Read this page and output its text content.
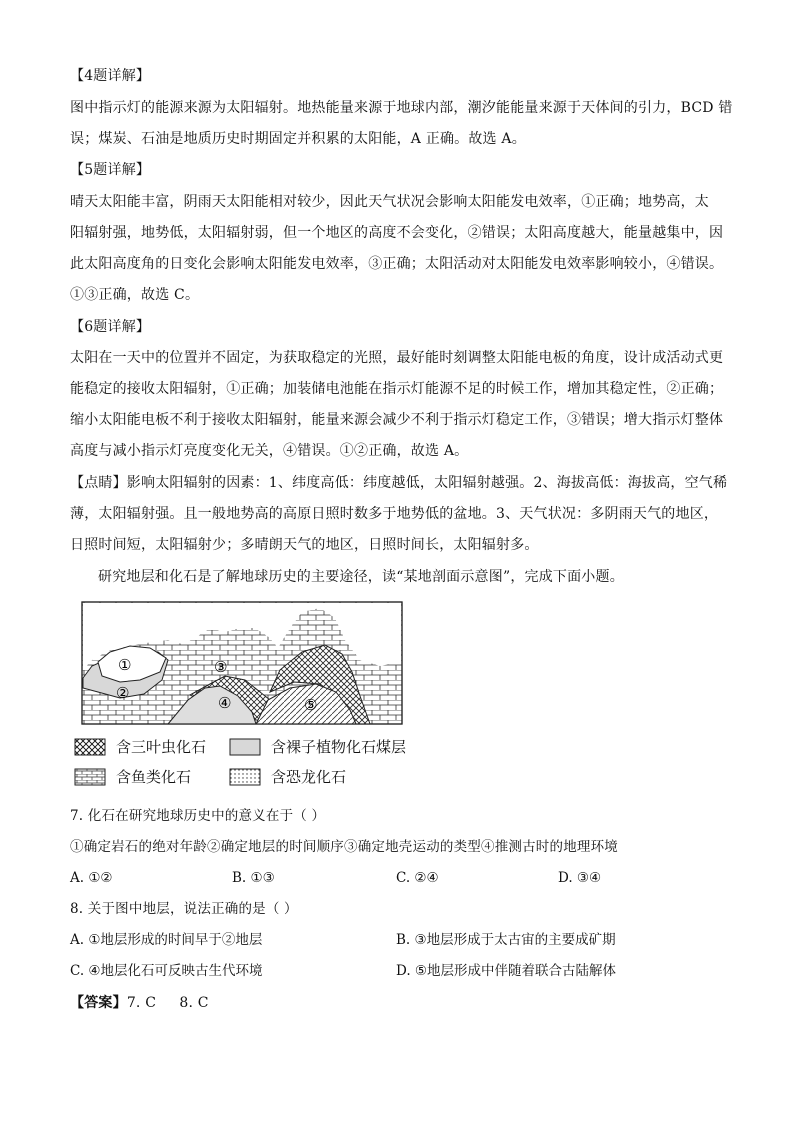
【4题详解】
图中指示灯的能源来源为太阳辐射。地热能量来源于地球内部，潮汐能能量来源于天体间的引力，BCD 错
误；煤炭、石油是地质历史时期固定并积累的太阳能，A 正确。故选 A。
【5题详解】
晴天太阳能丰富，阴雨天太阳能相对较少，因此天气状况会影响太阳能发电效率，①正确；地势高，太
阳辐射强，地势低，太阳辐射弱，但一个地区的高度不会变化，②错误；太阳高度越大，能量越集中，因
此太阳高度角的日变化会影响太阳能发电效率，③正确；太阳活动对太阳能发电效率影响较小，④错误。
①③正确，故选 C。
【6题详解】
太阳在一天中的位置并不固定，为获取稳定的光照，最好能时刻调整太阳能电板的角度，设计成活动式更
能稳定的接收太阳辐射，①正确；加装储电池能在指示灯能源不足的时候工作，增加其稳定性，②正确；
缩小太阳能电板不利于接收太阳辐射，能量来源会减少不利于指示灯稳定工作，③错误；增大指示灯整体
高度与减小指示灯亮度变化无关，④错误。①②正确，故选 A。
【点睛】影响太阳辐射的因素：1、纬度高低：纬度越低，太阳辐射越强。2、海拔高低：海拔高，空气稀
薄，太阳辐射强。且一般地势高的高原日照时数多于地势低的盆地。3、天气状况：多阴雨天气的地区，
日照时间短，太阳辐射少；多晴朗天气的地区，日照时间长，太阳辐射多。
研究地层和化石是了解地球历史的主要途径，读“某地剖面示意图”，完成下面小题。
①
②
③
④	⑤
含三叶虫化石	含裸子植物化石煤层
含鱼类化石	含恐龙化石
7. 化石在研究地球历史中的意义在于（ ）
①确定岩石的绝对年龄②确定地层的时间顺序③确定地壳运动的类型④推测古时的地理环境
A. ①②	B. ①③	C. ②④	D. ③④
8. 关于图中地层，说法正确的是（ ）
A. ①地层形成的时间早于②地层	B. ③地层形成于太古宙的主要成矿期
C. ④地层化石可反映古生代环境	D. ⑤地层形成中伴随着联合古陆解体
【答案】7. C     8. C
